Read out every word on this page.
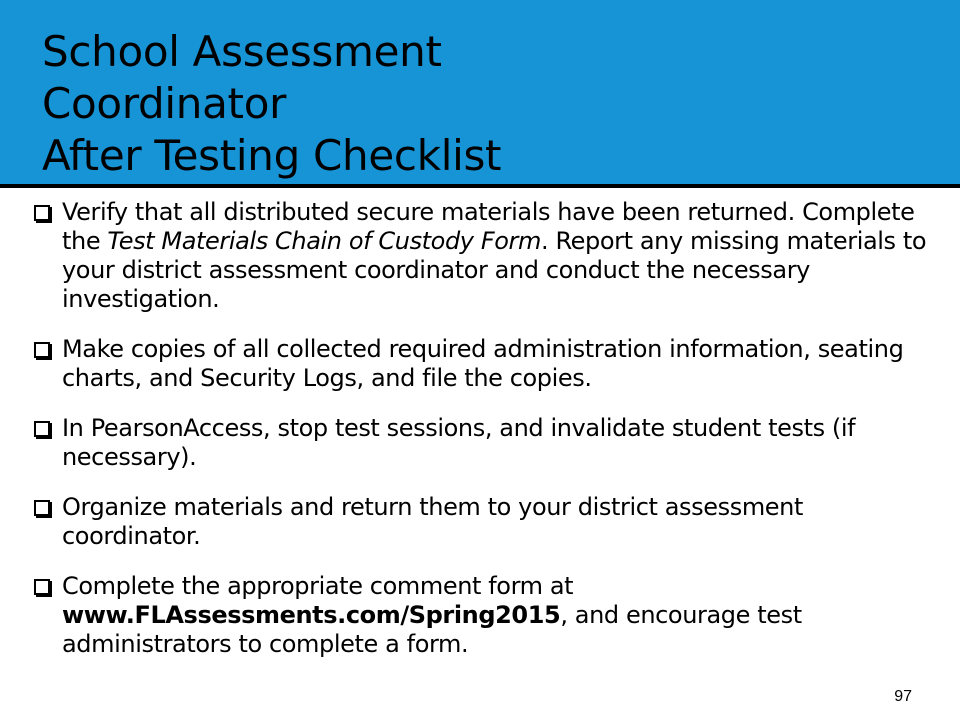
School Assessment
Coordinator
After Testing Checklist
Verify that all distributed secure materials have been returned. Complete the Test Materials Chain of Custody Form. Report any missing materials to your district assessment coordinator and conduct the necessary investigation.
Make copies of all collected required administration information, seating charts, and Security Logs, and file the copies.
In PearsonAccess, stop test sessions, and invalidate student tests (if necessary).
Organize materials and return them to your district assessment coordinator.
Complete the appropriate comment form at www.FLAssessments.com/Spring2015, and encourage test administrators to complete a form.
97
